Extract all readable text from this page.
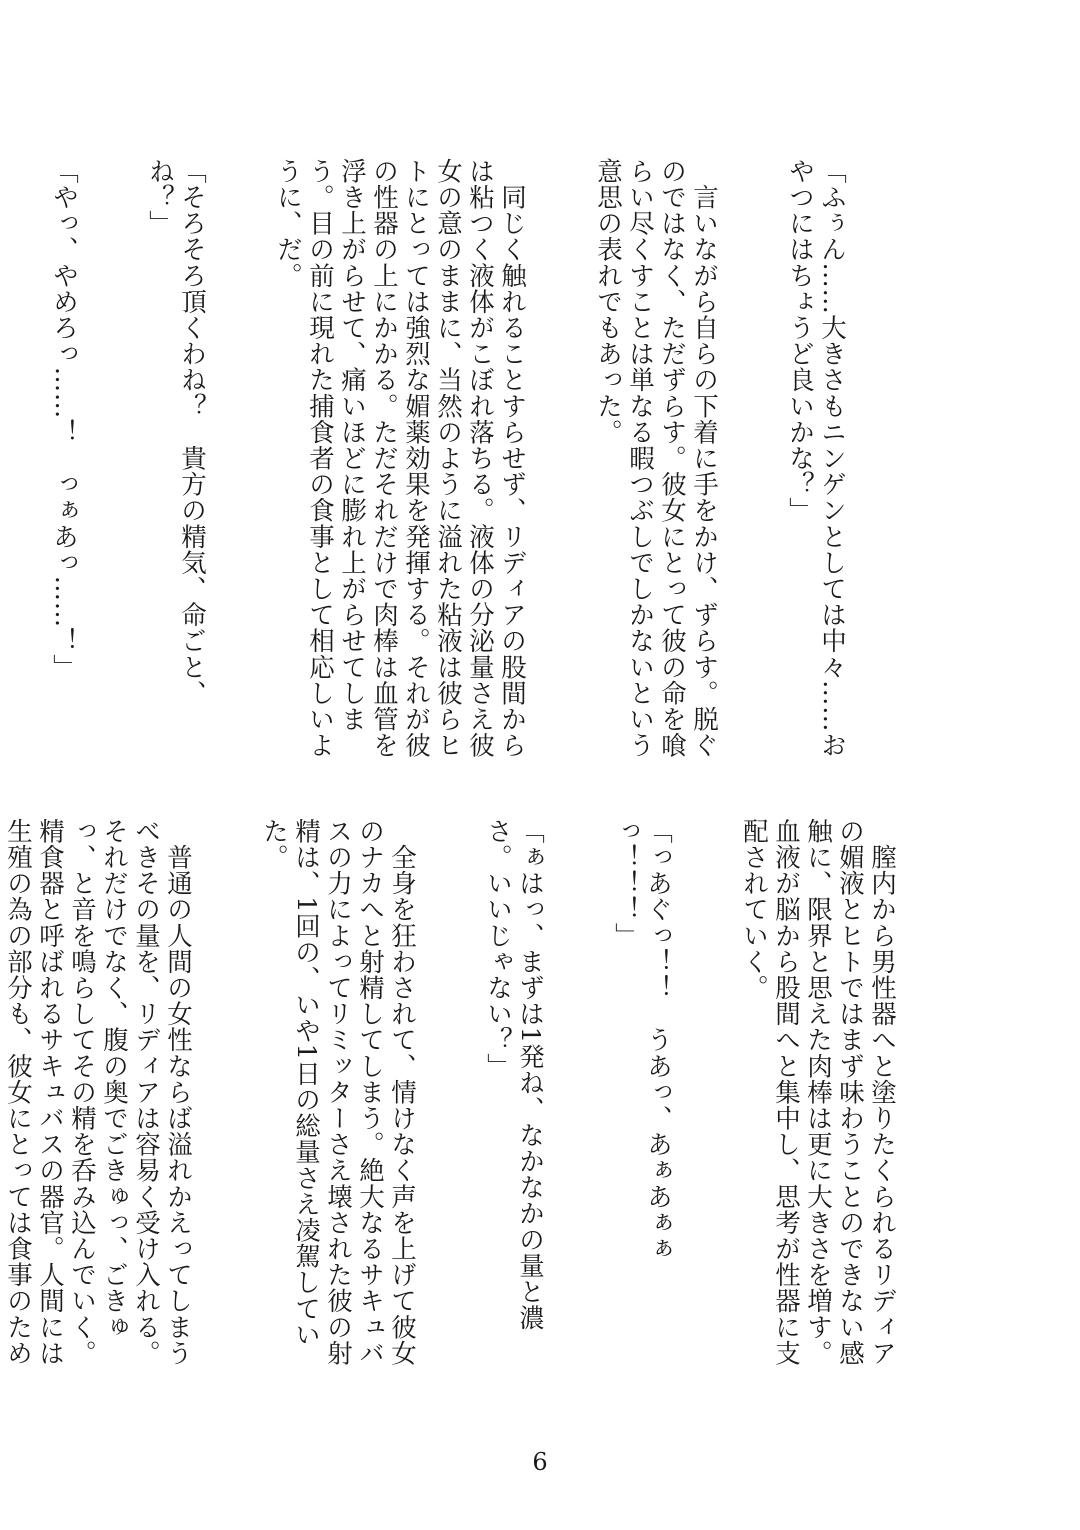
「ふぅん……大きさもニンゲンとしては中々……おやつにはちょうど良いかな？」

　言いながら自らの下着に手をかけ、ずらす。脱ぐのではなく、ただずらす。彼女にとって彼の命を喰らい尽くすことは単なる暇つぶしでしかないという意思の表れでもあった。

　同じく触れることすらせず、リディアの股間からは粘つく液体がこぼれ落ちる。液体の分泌量さえ彼女の意のままに、当然のように溢れた粘液は彼らヒトにとっては強烈な媚薬効果を発揮する。それが彼の性器の上にかかる。ただそれだけで肉棒は血管を浮き上がらせて、痛いほどに膨れ上がらせてしまう。目の前に現れた捕食者の食事として相応しいように、だ。

「そろそろ頂くわね？　貴方の精気、命ごと、ね？」

「やっ、やめろっ……！　っぁあっ……！」

　膣内から男性器へと塗りたくられるリディアの媚液とヒトではまず味わうことのできない感触に、限界と思えた肉棒は更に大きさを増す。血液が脳から股間へと集中し、思考が性器に支配されていく。

「っあぐっ！！　うあっ、あぁあぁぁっ！！！」

「ぁはっ、まずは1発ね、なかなかの量と濃さ。いいじゃない？」

　全身を狂わされて、情けなく声を上げて彼女のナカへと射精してしまう。絶大なるサキュバスの力によってリミッターさえ壊された彼の射精は、1回の、いや1日の総量さえ凌駕していた。

　普通の人間の女性ならば溢れかえってしまうべきその量を、リディアは容易く受け入れる。それだけでなく、腹の奥でごきゅっ、ごきゅっ、と音を鳴らしてその精を呑み込んでいく。精食器と呼ばれるサキュバスの器官。人間には生殖の為の部分も、彼女にとっては食事のため

6
